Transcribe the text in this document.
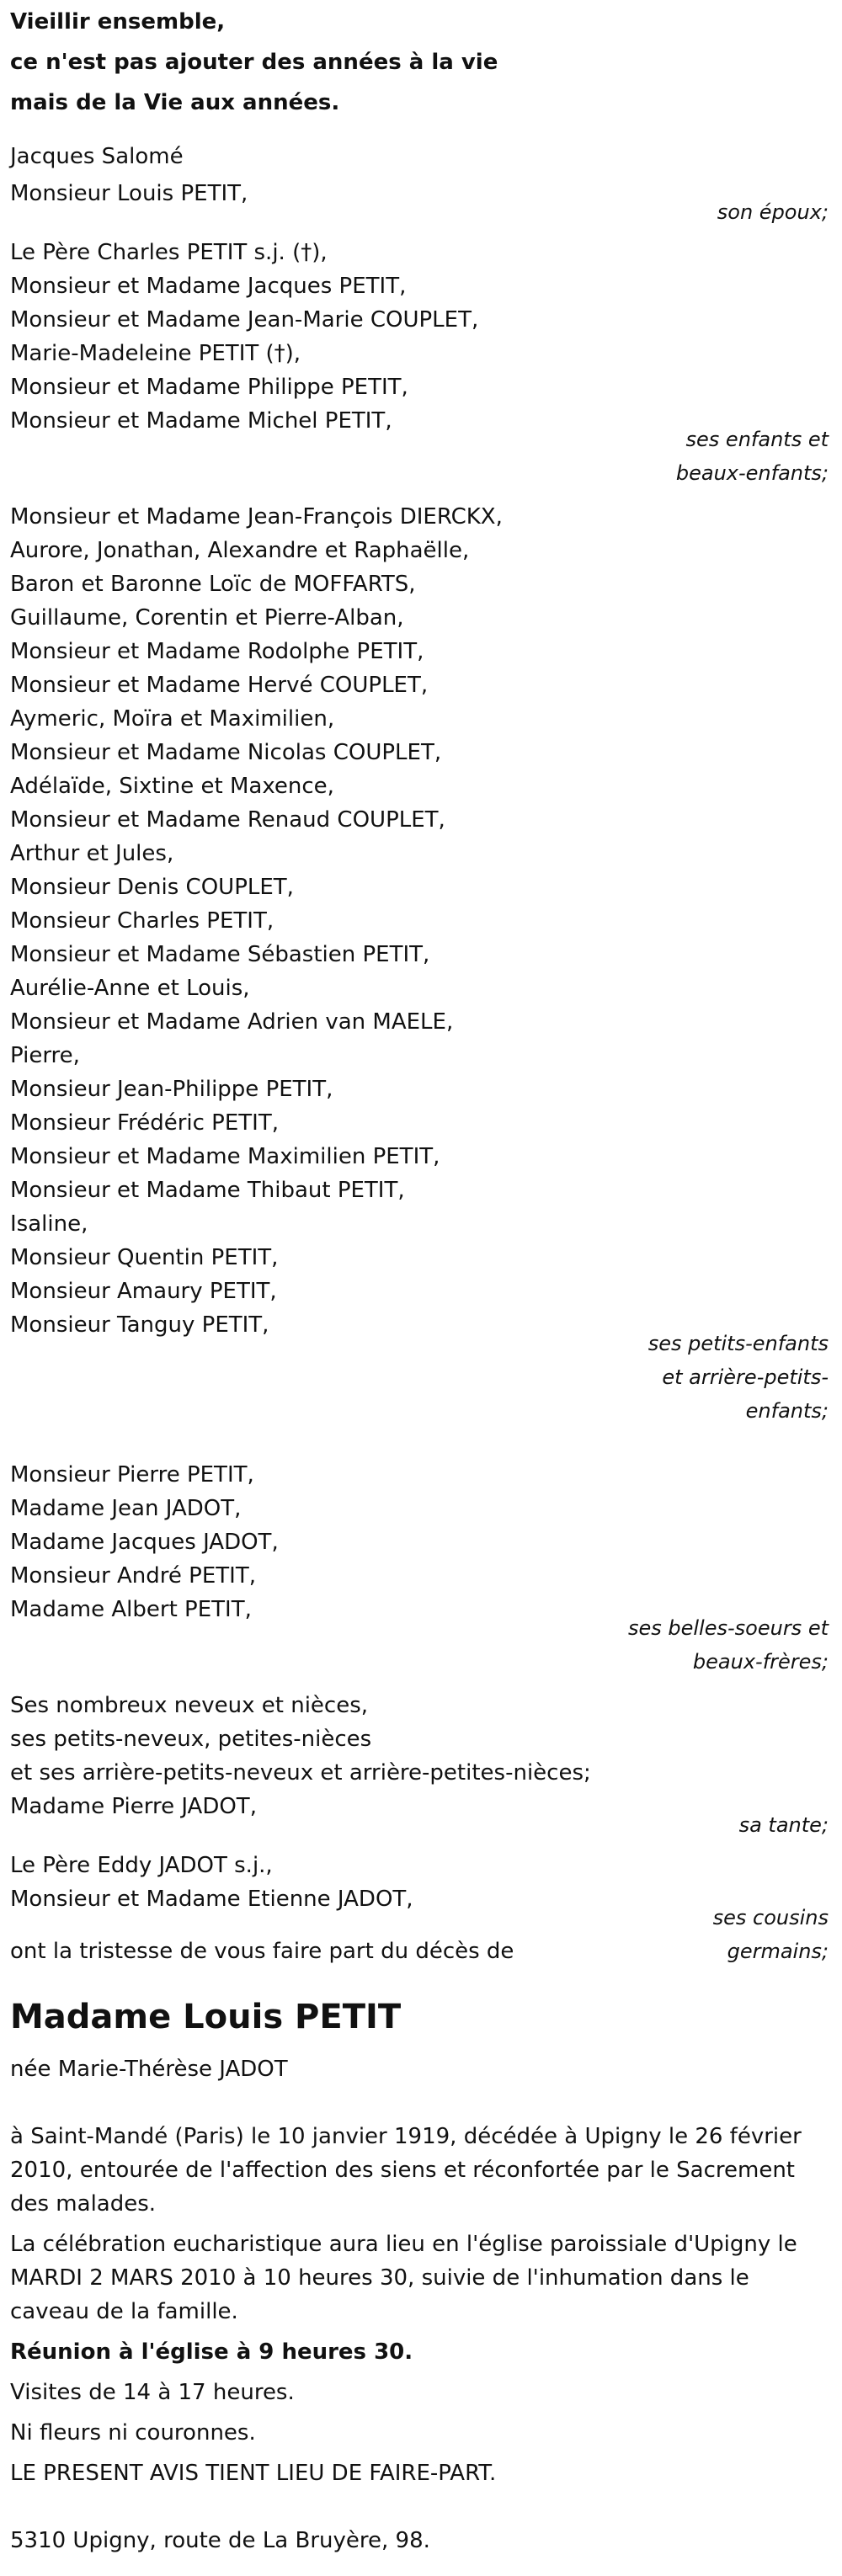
Vieillir ensemble,
ce n'est pas ajouter des années à la vie
mais de la Vie aux années.
Jacques Salomé
Monsieur Louis PETIT,
son époux;
Le Père Charles PETIT s.j. (†),
Monsieur et Madame Jacques PETIT,
Monsieur et Madame Jean-Marie COUPLET,
Marie-Madeleine PETIT (†),
Monsieur et Madame Philippe PETIT,
Monsieur et Madame Michel PETIT,
ses enfants et
beaux-enfants;
Monsieur et Madame Jean-François DIERCKX,
Aurore, Jonathan, Alexandre et Raphaëlle,
Baron et Baronne Loïc de MOFFARTS,
Guillaume, Corentin et Pierre-Alban,
Monsieur et Madame Rodolphe PETIT,
Monsieur et Madame Hervé COUPLET,
Aymeric, Moïra et Maximilien,
Monsieur et Madame Nicolas COUPLET,
Adélaïde, Sixtine et Maxence,
Monsieur et Madame Renaud COUPLET,
Arthur et Jules,
Monsieur Denis COUPLET,
Monsieur Charles PETIT,
Monsieur et Madame Sébastien PETIT,
Aurélie-Anne et Louis,
Monsieur et Madame Adrien van MAELE,
Pierre,
Monsieur Jean-Philippe PETIT,
Monsieur Frédéric PETIT,
Monsieur et Madame Maximilien PETIT,
Monsieur et Madame Thibaut PETIT,
Isaline,
Monsieur Quentin PETIT,
Monsieur Amaury PETIT,
Monsieur Tanguy PETIT,
ses petits-enfants
et arrière-petits-
enfants;
Monsieur Pierre PETIT,
Madame Jean JADOT,
Madame Jacques JADOT,
Monsieur André PETIT,
Madame Albert PETIT,
ses belles-soeurs et
beaux-frères;
Ses nombreux neveux et nièces,
ses petits-neveux, petites-nièces
et ses arrière-petits-neveux et arrière-petites-nièces;
Madame Pierre JADOT,
sa tante;
Le Père Eddy JADOT s.j.,
Monsieur et Madame Etienne JADOT,
ses cousins
germains;
ont la tristesse de vous faire part du décès de
Madame Louis PETIT
née Marie-Thérèse JADOT
à Saint-Mandé (Paris) le 10 janvier 1919, décédée à Upigny le 26 février 2010, entourée de l'affection des siens et réconfortée par le Sacrement des malades.
La célébration eucharistique aura lieu en l'église paroissiale d'Upigny le MARDI 2 MARS 2010 à 10 heures 30, suivie de l'inhumation dans le caveau de la famille.
Réunion à l'église à 9 heures 30.
Visites de 14 à 17 heures.
Ni fleurs ni couronnes.
LE PRESENT AVIS TIENT LIEU DE FAIRE-PART.
5310 Upigny, route de La Bruyère, 98.
